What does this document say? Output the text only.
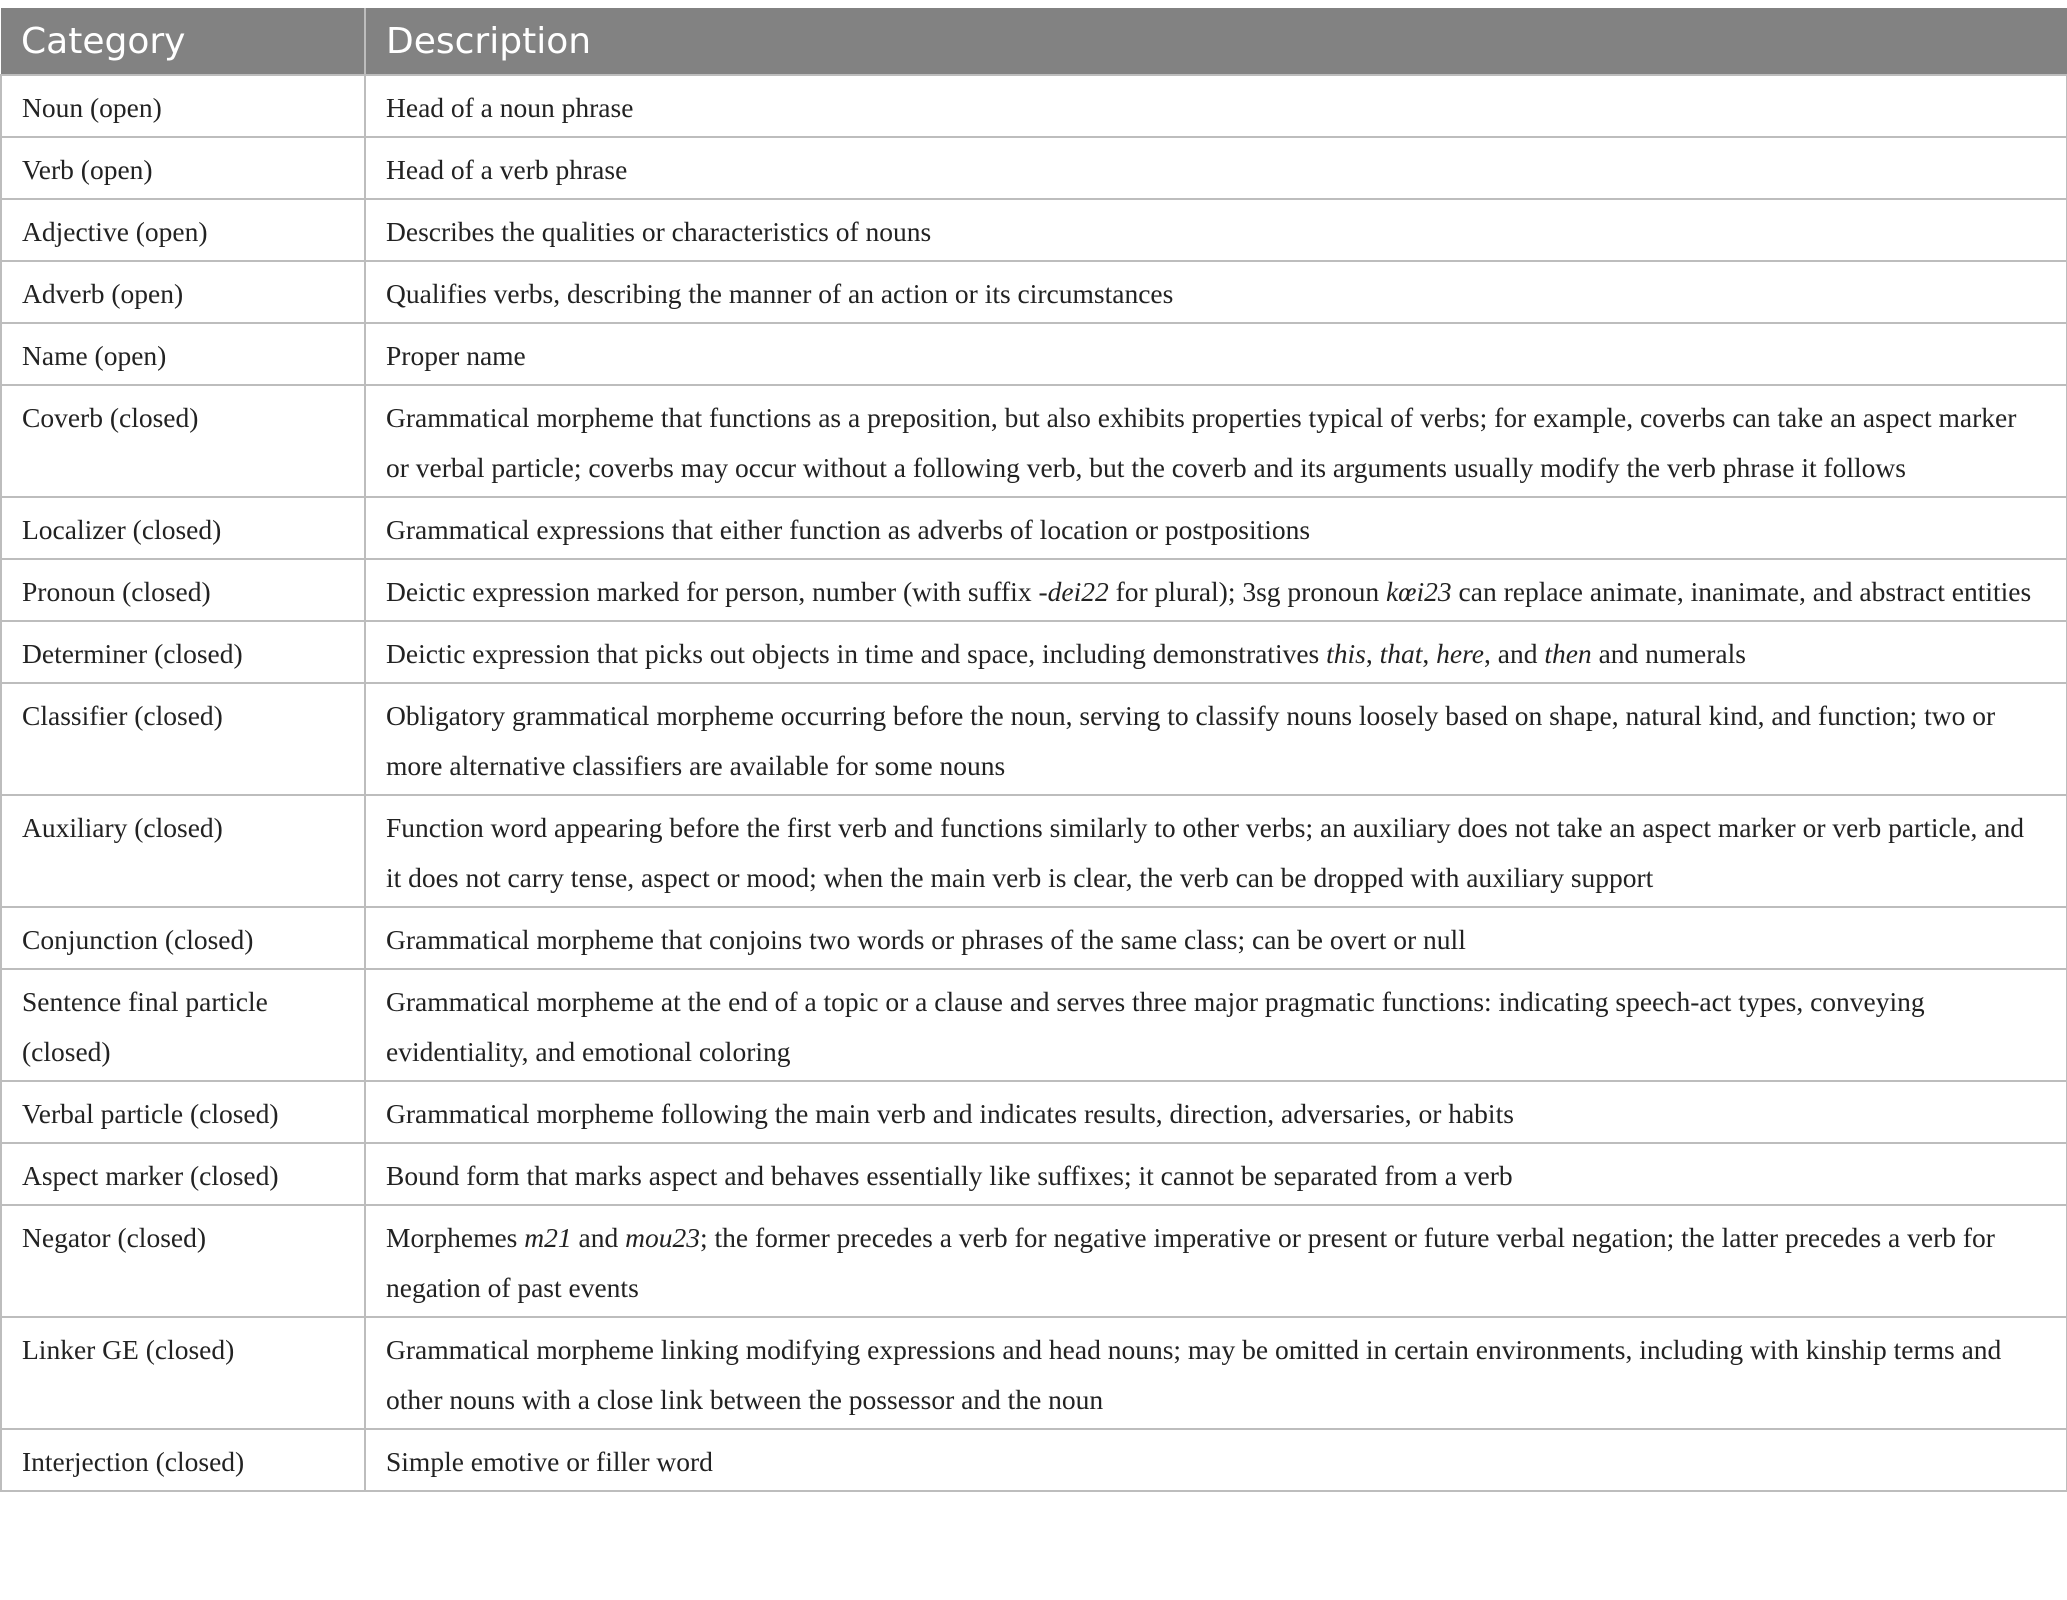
Category	Description
Noun (open)	Head of a noun phrase
Verb (open)	Head of a verb phrase
Adjective (open)	Describes the qualities or characteristics of nouns
Adverb (open)	Qualifies verbs, describing the manner of an action or its circumstances
Name (open)	Proper name
Coverb (closed)	Grammatical morpheme that functions as a preposition, but also exhibits properties typical of verbs; for example, coverbs can take an aspect marker or verbal particle; coverbs may occur without a following verb, but the coverb and its arguments usually modify the verb phrase it follows
Localizer (closed)	Grammatical expressions that either function as adverbs of location or postpositions
Pronoun (closed)	Deictic expression marked for person, number (with suffix -dei22 for plural); 3sg pronoun kœi23 can replace animate, inanimate, and abstract entities
Determiner (closed)	Deictic expression that picks out objects in time and space, including demonstratives this, that, here, and then and numerals
Classifier (closed)	Obligatory grammatical morpheme occurring before the noun, serving to classify nouns loosely based on shape, natural kind, and function; two or more alternative classifiers are available for some nouns
Auxiliary (closed)	Function word appearing before the first verb and functions similarly to other verbs; an auxiliary does not take an aspect marker or verb particle, and it does not carry tense, aspect or mood; when the main verb is clear, the verb can be dropped with auxiliary support
Conjunction (closed)	Grammatical morpheme that conjoins two words or phrases of the same class; can be overt or null
Sentence final particle (closed)	Grammatical morpheme at the end of a topic or a clause and serves three major pragmatic functions: indicating speech-act types, conveying evidentiality, and emotional coloring
Verbal particle (closed)	Grammatical morpheme following the main verb and indicates results, direction, adversaries, or habits
Aspect marker (closed)	Bound form that marks aspect and behaves essentially like suffixes; it cannot be separated from a verb
Negator (closed)	Morphemes m21 and mou23; the former precedes a verb for negative imperative or present or future verbal negation; the latter precedes a verb for negation of past events
Linker GE (closed)	Grammatical morpheme linking modifying expressions and head nouns; may be omitted in certain environments, including with kinship terms and other nouns with a close link between the possessor and the noun
Interjection (closed)	Simple emotive or filler word
